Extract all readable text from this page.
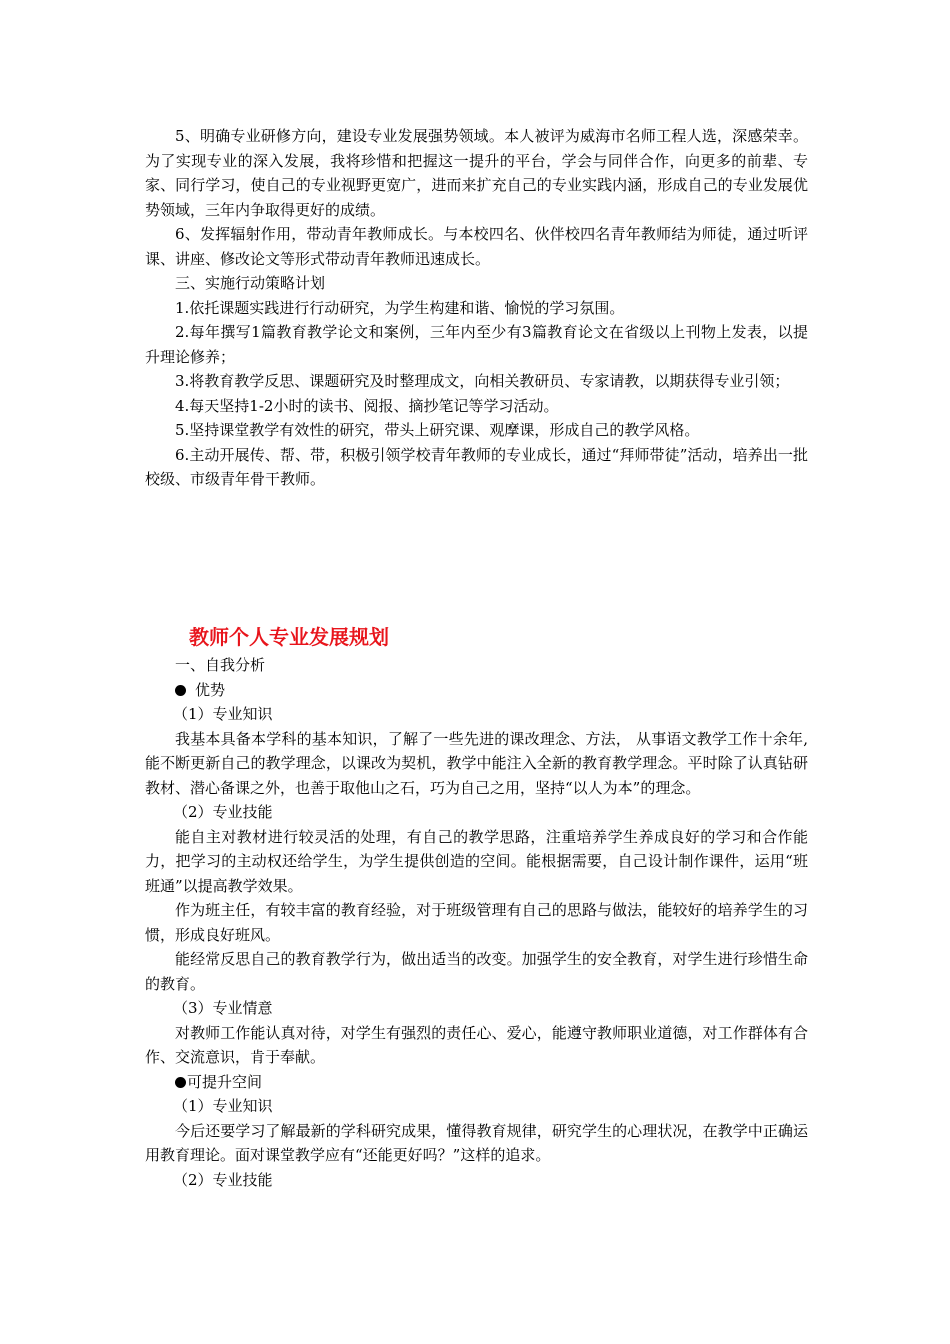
5、明确专业研修方向，建设专业发展强势领域。本人被评为威海市名师工程人选，深感荣幸。为了实现专业的深入发展，我将珍惜和把握这一提升的平台，学会与同伴合作，向更多的前辈、专家、同行学习，使自己的专业视野更宽广，进而来扩充自己的专业实践内涵，形成自己的专业发展优势领域，三年内争取得更好的成绩。

6、发挥辐射作用，带动青年教师成长。与本校四名、伙伴校四名青年教师结为师徒，通过听评课、讲座、修改论文等形式带动青年教师迅速成长。

三、实施行动策略计划

1.依托课题实践进行行动研究，为学生构建和谐、愉悦的学习氛围。

2.每年撰写1篇教育教学论文和案例，三年内至少有3篇教育论文在省级以上刊物上发表，以提升理论修养；

3.将教育教学反思、课题研究及时整理成文，向相关教研员、专家请教，以期获得专业引领；

4.每天坚持1-2小时的读书、阅报、摘抄笔记等学习活动。

5.坚持课堂教学有效性的研究，带头上研究课、观摩课，形成自己的教学风格。

6.主动开展传、帮、带，积极引领学校青年教师的专业成长，通过“拜师带徒”活动，培养出一批校级、市级青年骨干教师。

教师个人专业发展规划

一、自我分析

优势

（1）专业知识

我基本具备本学科的基本知识，了解了一些先进的课改理念、方法， 从事语文教学工作十余年,能不断更新自己的教学理念，以课改为契机，教学中能注入全新的教育教学理念。平时除了认真钻研教材、潜心备课之外，也善于取他山之石，巧为自己之用，坚持“以人为本”的理念。

（2）专业技能

能自主对教材进行较灵活的处理，有自己的教学思路，注重培养学生养成良好的学习和合作能力，把学习的主动权还给学生，为学生提供创造的空间。能根据需要，自己设计制作课件，运用“班班通”以提高教学效果。

作为班主任，有较丰富的教育经验，对于班级管理有自己的思路与做法，能较好的培养学生的习惯，形成良好班风。

能经常反思自己的教育教学行为，做出适当的改变。加强学生的安全教育，对学生进行珍惜生命的教育。

（3）专业情意

对教师工作能认真对待，对学生有强烈的责任心、爱心，能遵守教师职业道德，对工作群体有合作、交流意识，肯于奉献。

可提升空间

（1）专业知识

今后还要学习了解最新的学科研究成果，懂得教育规律，研究学生的心理状况，在教学中正确运用教育理论。面对课堂教学应有“还能更好吗？”这样的追求。

（2）专业技能
